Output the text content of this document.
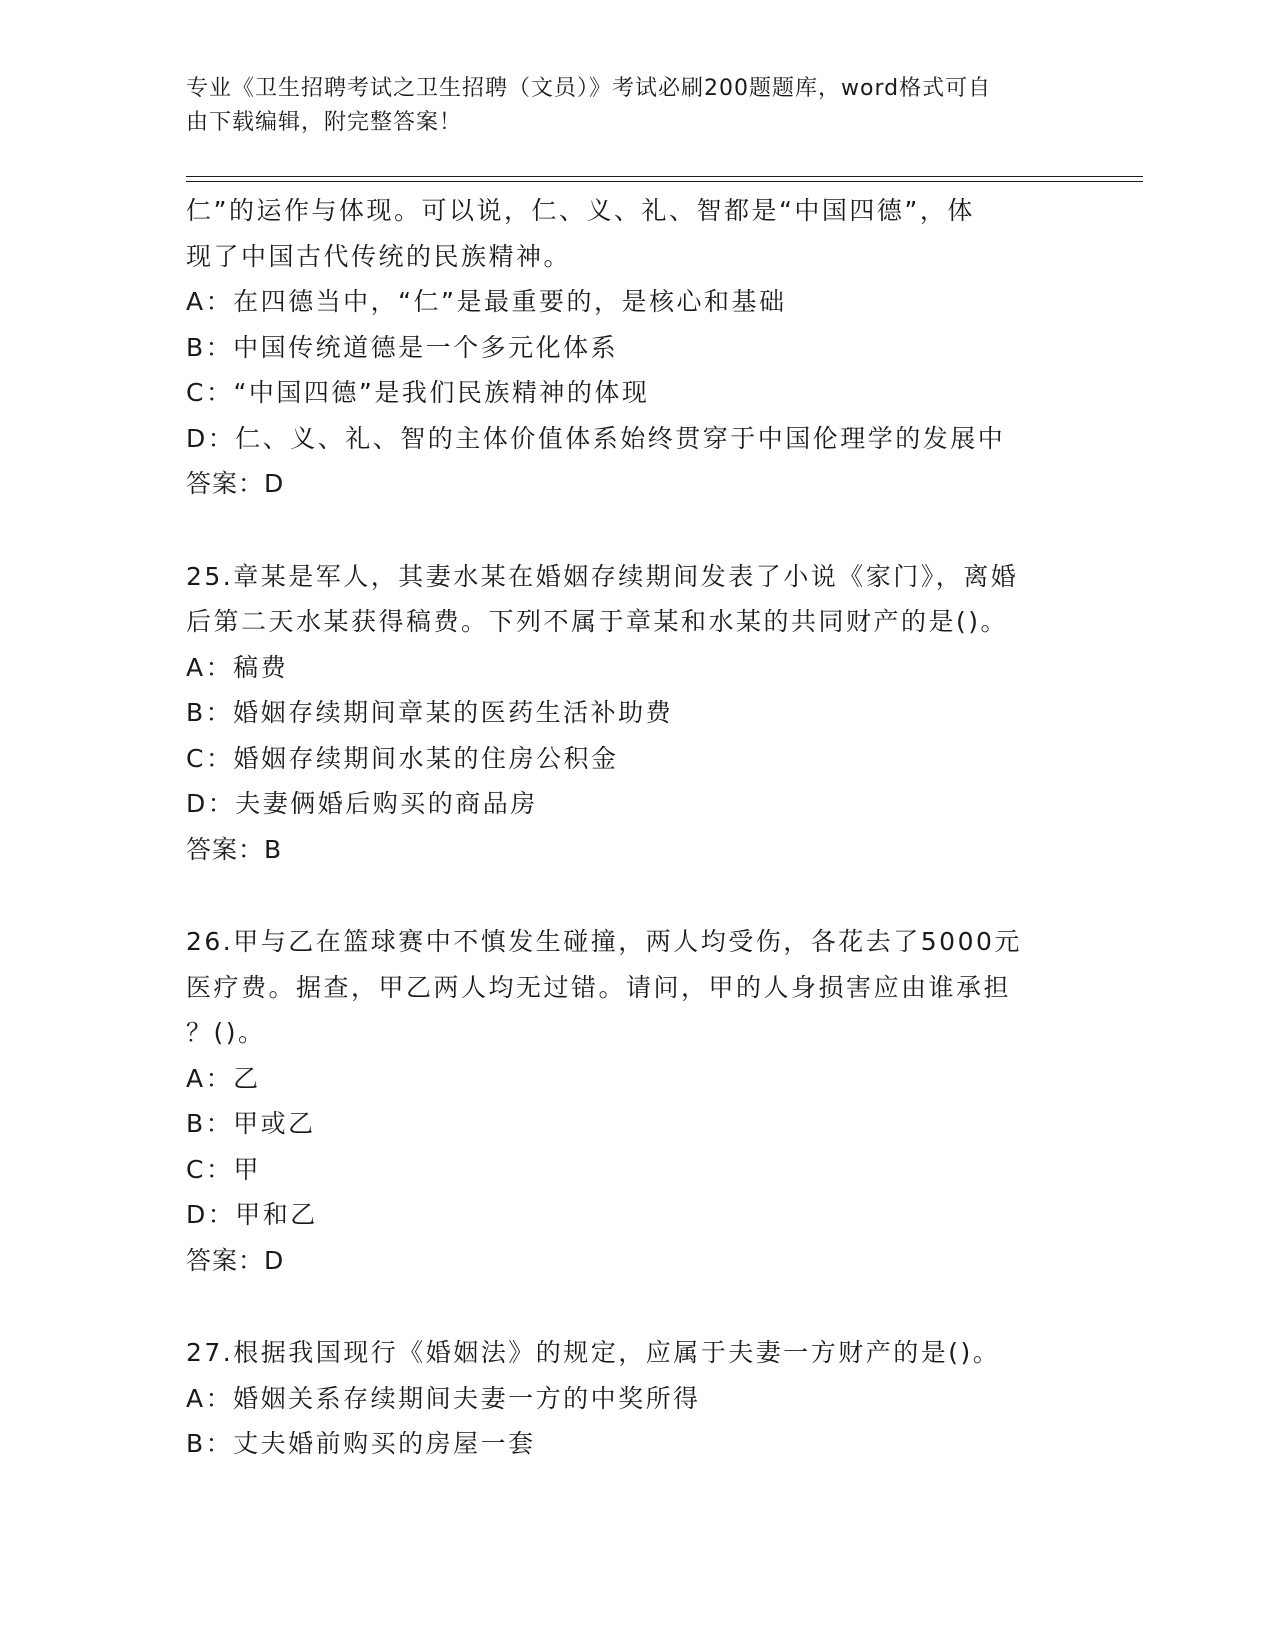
专业《卫生招聘考试之卫生招聘（文员）》考试必刷200题题库，word格式可自
由下载编辑，附完整答案！
仁”的运作与体现。可以说，仁、义、礼、智都是“中国四德”，体
现了中国古代传统的民族精神。
A：在四德当中，“仁”是最重要的，是核心和基础
B：中国传统道德是一个多元化体系
C：“中国四德”是我们民族精神的体现
D：仁、义、礼、智的主体价值体系始终贯穿于中国伦理学的发展中
答案：D
25.章某是军人，其妻水某在婚姻存续期间发表了小说《家门》，离婚
后第二天水某获得稿费。下列不属于章某和水某的共同财产的是()。
A：稿费
B：婚姻存续期间章某的医药生活补助费
C：婚姻存续期间水某的住房公积金
D：夫妻俩婚后购买的商品房
答案：B
26.甲与乙在篮球赛中不慎发生碰撞，两人均受伤，各花去了5000元
医疗费。据查，甲乙两人均无过错。请问，甲的人身损害应由谁承担
？()。
A：乙
B：甲或乙
C：甲
D：甲和乙
答案：D
27.根据我国现行《婚姻法》的规定，应属于夫妻一方财产的是()。
A：婚姻关系存续期间夫妻一方的中奖所得
B：丈夫婚前购买的房屋一套
